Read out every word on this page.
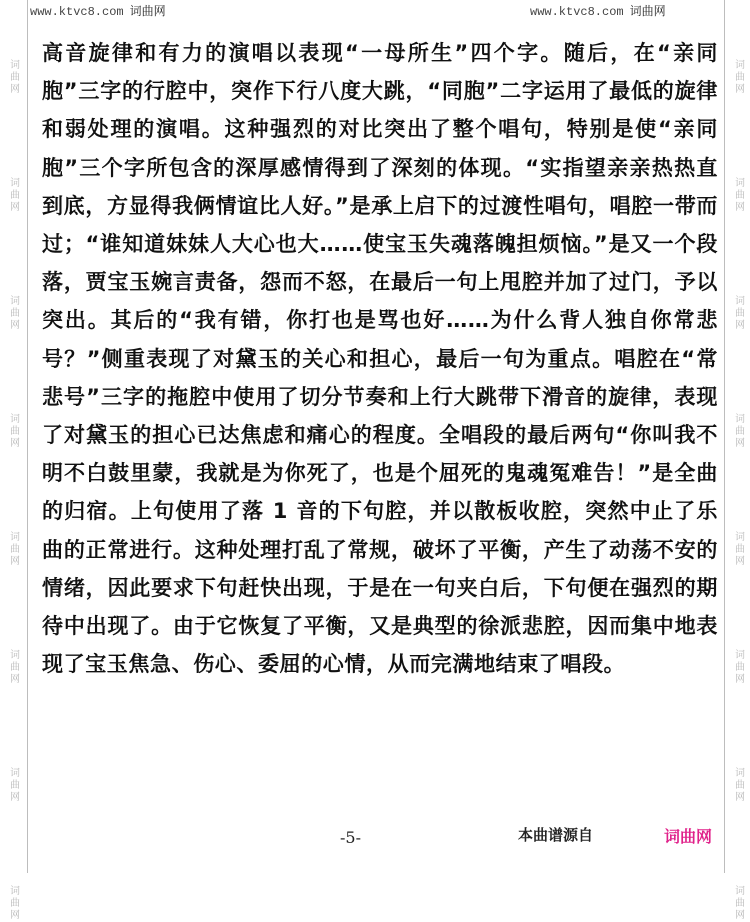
词
曲
网
词
曲
网
词
曲
网
词
曲
网
词
曲
网
词
曲
网
词
曲
网
词
曲
网
词
曲
网
词
曲
网
词
曲
网
词
曲
网
词
曲
网
词
曲
网
词
曲
网
词
曲
网
www.ktvc8.com 词曲网	www.ktvc8.com 词曲网

高音旋律和有力的演唱以表现“一母所生”四个字。随后，在“亲同胞”三字的行腔中，突作下行八度大跳，“同胞”二字运用了最低的旋律和弱处理的演唱。这种强烈的对比突出了整个唱句，特别是使“亲同胞”三个字所包含的深厚感情得到了深刻的体现。“实指望亲亲热热直到底，方显得我俩情谊比人好。”是承上启下的过渡性唱句，唱腔一带而过；“谁知道妹妹人大心也大……使宝玉失魂落魄担烦恼。”是又一个段落，贾宝玉婉言责备，怨而不怒，在最后一句上甩腔并加了过门，予以突出。其后的“我有错，你打也是骂也好……为什么背人独自你常悲号？”侧重表现了对黛玉的关心和担心，最后一句为重点。唱腔在“常悲号”三字的拖腔中使用了切分节奏和上行大跳带下滑音的旋律，表现了对黛玉的担心已达焦虑和痛心的程度。全唱段的最后两句“你叫我不明不白鼓里蒙，我就是为你死了，也是个屈死的鬼魂冤难告！”是全曲的归宿。上句使用了落 1 音的下句腔，并以散板收腔，突然中止了乐曲的正常进行。这种处理打乱了常规，破坏了平衡，产生了动荡不安的情绪，因此要求下句赶快出现，于是在一句夹白后，下句便在强烈的期待中出现了。由于它恢复了平衡，又是典型的徐派悲腔，因而集中地表现了宝玉焦急、伤心、委屈的心情，从而完满地结束了唱段。

-5-	本曲谱源自	词曲网
